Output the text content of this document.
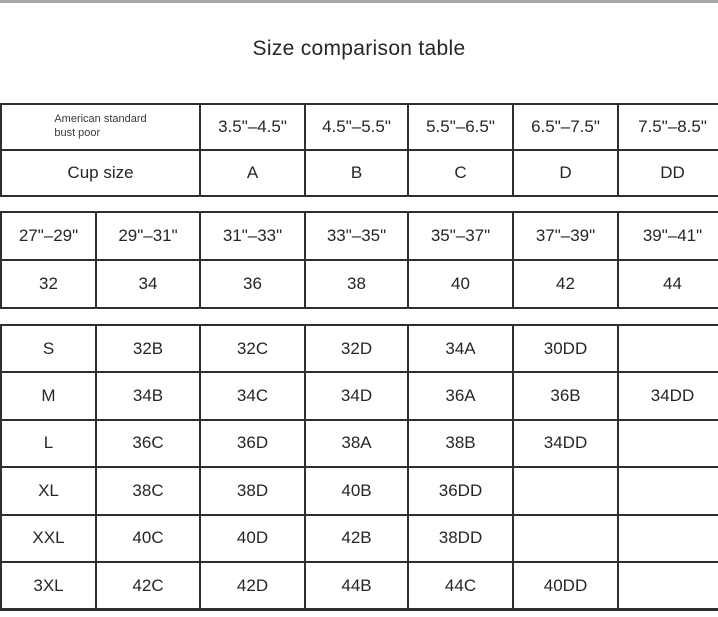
Size comparison table
American standard
bust poor	3.5"–4.5"	4.5"–5.5"	5.5"–6.5"	6.5"–7.5"	7.5"–8.5"
Cup size	A	B	C	D	DD
27"–29"	29"–31"	31"–33"	33"–35"	35"–37"	37"–39"	39"–41"
32	34	36	38	40	42	44
S	32B	32C	32D	34A	30DD	
M	34B	34C	34D	36A	36B	34DD
L	36C	36D	38A	38B	34DD	
XL	38C	38D	40B	36DD		
XXL	40C	40D	42B	38DD		
3XL	42C	42D	44B	44C	40DD	
